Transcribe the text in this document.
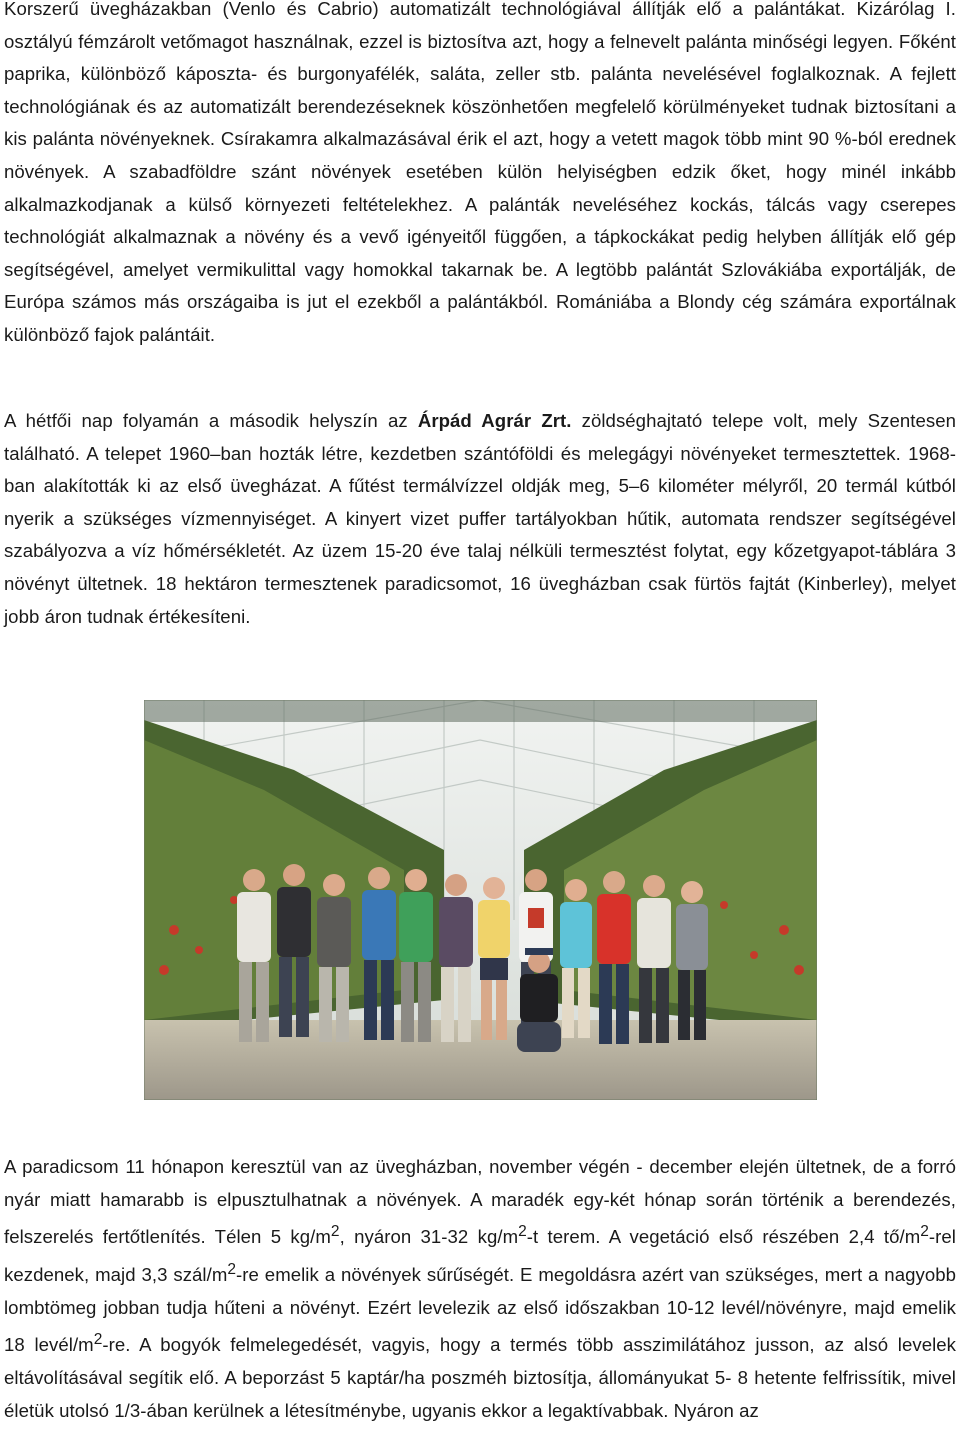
Korszerű üvegházakban (Venlo és Cabrio) automatizált technológiával állítják elő a palántákat. Kizárólag I. osztályú fémzárolt vetőmagot használnak, ezzel is biztosítva azt, hogy a felnevelt palánta minőségi legyen. Főként paprika, különböző káposzta- és burgonyafélék, saláta, zeller stb. palánta nevelésével foglalkoznak. A fejlett technológiának és az automatizált berendezéseknek köszönhetően megfelelő körülményeket tudnak biztosítani a kis palánta növényeknek. Csírakamra alkalmazásával érik el azt, hogy a vetett magok több mint 90 %-ból erednek növények. A szabadföldre szánt növények esetében külön helyiségben edzik őket, hogy minél inkább alkalmazkodjanak a külső környezeti feltételekhez. A palánták neveléséhez kockás, tálcás vagy cserepes technológiát alkalmaznak a növény és a vevő igényeitől függően, a tápkockákat pedig helyben állítják elő gép segítségével, amelyet vermikulittal vagy homokkal takarnak be. A legtöbb palántát Szlovákiába exportálják, de Európa számos más országaiba is jut el ezekből a palántákból. Romániába a Blondy cég számára exportálnak különböző fajok palántáit.

A hétfői nap folyamán a második helyszín az Árpád Agrár Zrt. zöldséghajtató telepe volt, mely Szentesen található. A telepet 1960–ban hozták létre, kezdetben szántóföldi és melegágyi növényeket termesztettek. 1968-ban alakították ki az első üvegházat. A fűtést termálvízzel oldják meg, 5–6 kilométer mélyről, 20 termál kútból nyerik a szükséges vízmennyiséget. A kinyert vizet puffer tartályokban hűtik, automata rendszer segítségével szabályozva a víz hőmérsékletét. Az üzem 15-20 éve talaj nélküli termesztést folytat, egy kőzetgyapot-táblára 3 növényt ültetnek. 18 hektáron termesztenek paradicsomot, 16 üvegházban csak fürtös fajtát (Kinberley), melyet jobb áron tudnak értékesíteni.

A paradicsom 11 hónapon keresztül van az üvegházban, november végén - december elején ültetnek, de a forró nyár miatt hamarabb is elpusztulhatnak a növények. A maradék egy-két hónap során történik a berendezés, felszerelés fertőtlenítés. Télen 5 $kg/m^2$, nyáron 31-32 $kg/m^2-t$ terem. A vegetáció első részében 2,4 $tő/m^2$-rel kezdenek, majd 3,3 szál/$m^2-re$ emelik a növények sűrűségét. E megoldásra azért van szükséges, mert a nagyobb lombtömeg jobban tudja hűteni a növényt. Ezért levelezik az első időszakban 10-12 levél/növényre, majd emelik 18 levél/$m^2-re$. A bogyók felmelegedését, vagyis, hogy a termés több asszimilátához jusson, az alsó levelek eltávolításával segítik elő. A beporzást 5 kaptár/ha poszméh biztosítja, állományukat 5- 8 hetente felfrissítik, mivel életük utolsó 1/3-ában kerülnek a létesítménybe, ugyanis ekkor a legaktívabbak. Nyáron az
